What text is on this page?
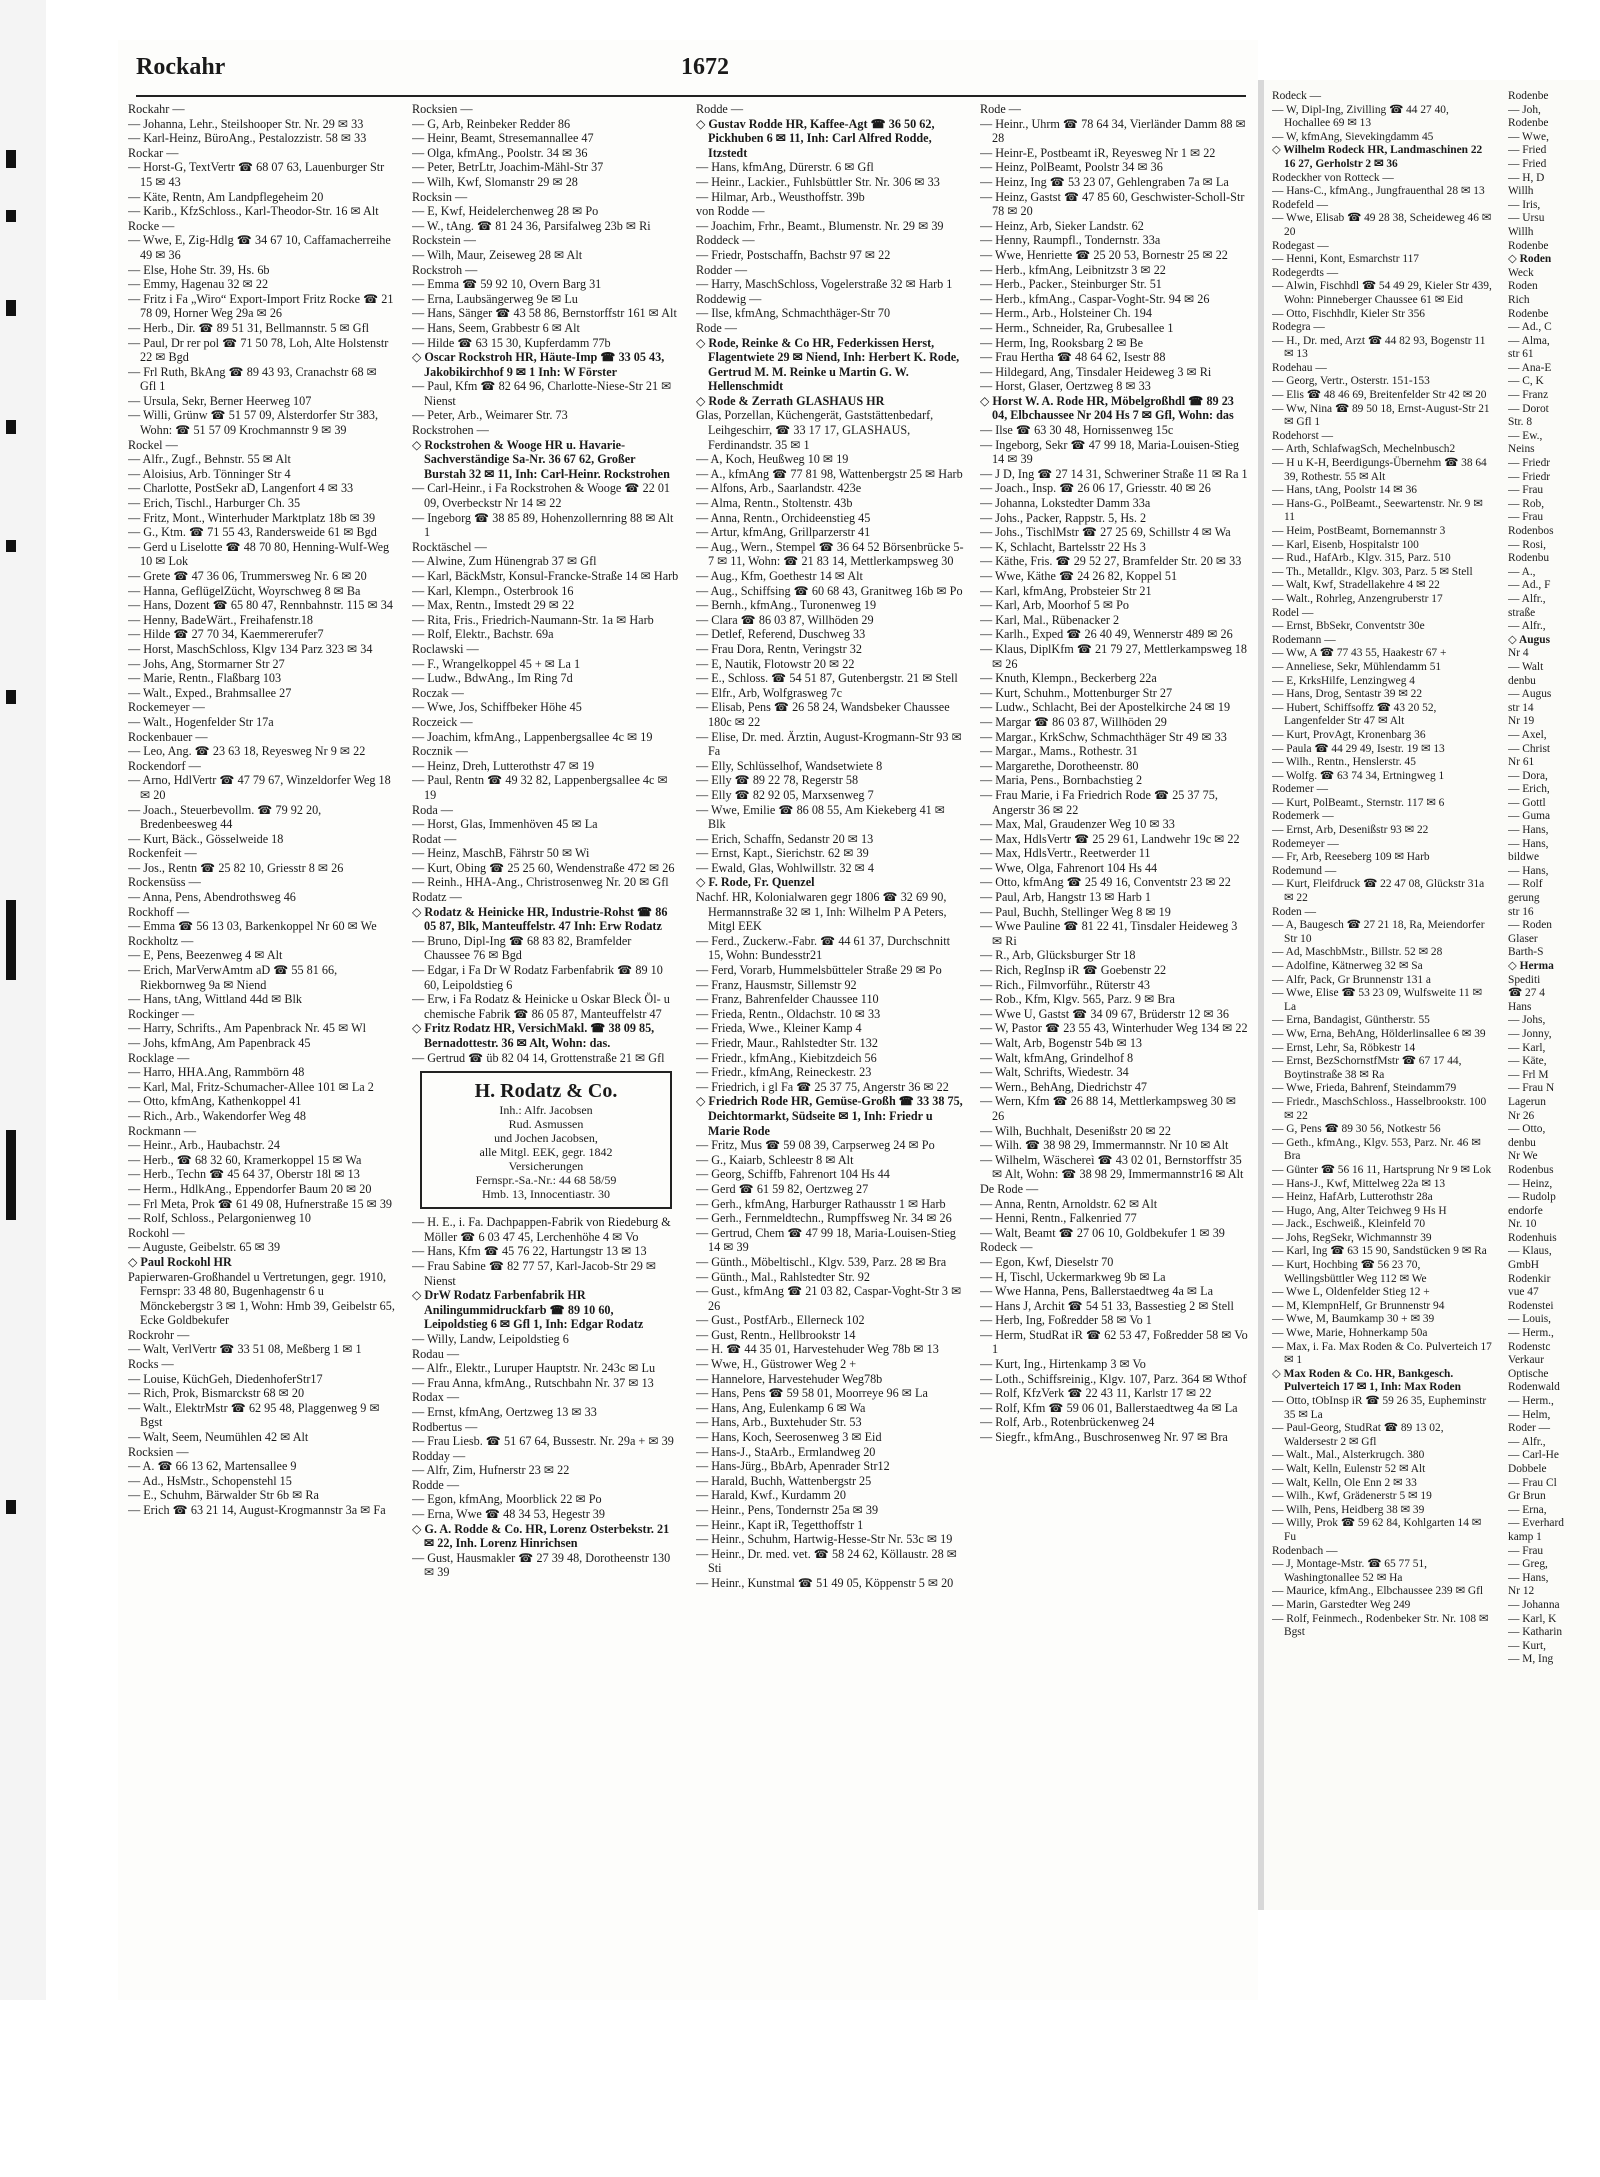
Rockahr	1672

Rockahr —

— Johanna, Lehr., Steilshooper Str. Nr. 29 ✉ 33

— Karl-Heinz, BüroAng., Pestalozzistr. 58 ✉ 33

Rockar —

— Horst-G, TextVertr ☎ 68 07 63, Lauenburger Str 15 ✉ 43

— Käte, Rentn, Am Landpflegeheim 20

— Karib., KfzSchloss., Karl-Theodor-Str. 16 ✉ Alt

Rocke —

— Wwe, E, Zig-Hdlg ☎ 34 67 10, Caffamacherreihe 49 ✉ 36

— Else, Hohe Str. 39, Hs. 6b

— Emmy, Hagenau 32 ✉ 22

— Fritz i Fa „Wiro“ Export-Import Fritz Rocke ☎ 21 78 09, Horner Weg 29a ✉ 26

— Herb., Dir. ☎ 89 51 31, Bellmannstr. 5 ✉ Gfl

— Paul, Dr rer pol ☎ 71 50 78, Loh, Alte Holstenstr 22 ✉ Bgd

— Frl Ruth, BkAng ☎ 89 43 93, Cranachstr 68 ✉ Gfl 1

— Ursula, Sekr, Berner Heerweg 107

— Willi, Grünw ☎ 51 57 09, Alsterdorfer Str 383, Wohn: ☎ 51 57 09 Krochmannstr 9 ✉ 39

Rockel —

— Alfr., Zugf., Behnstr. 55 ✉ Alt

— Aloisius, Arb. Tönninger Str 4

— Charlotte, PostSekr aD, Langenfort 4 ✉ 33

— Erich, Tischl., Harburger Ch. 35

— Fritz, Mont., Winterhuder Marktplatz 18b ✉ 39

— G., Ktm. ☎ 71 55 43, Randersweide 61 ✉ Bgd

— Gerd u Liselotte ☎ 48 70 80, Henning-Wulf-Weg 10 ✉ Lok

— Grete ☎ 47 36 06, Trummersweg Nr. 6 ✉ 20

— Hanna, GeflügelZücht, Woyrschweg 8 ✉ Ba

— Hans, Dozent ☎ 65 80 47, Rennbahnstr. 115 ✉ 34

— Henny, BadeWärt., Freihafenstr.18

— Hilde ☎ 27 70 34, Kaemmererufer7

— Horst, MaschSchloss, Klgv 134 Parz 323 ✉ 34

— Johs, Ang, Stormarner Str 27

— Marie, Rentn., Flaßbarg 103

— Walt., Exped., Brahmsallee 27

Rockemeyer —

— Walt., Hogenfelder Str 17a

Rockenbauer —

— Leo, Ang. ☎ 23 63 18, Reyesweg Nr 9 ✉ 22

Rockendorf —

— Arno, HdlVertr ☎ 47 79 67, Winzeldorfer Weg 18 ✉ 20

— Joach., Steuerbevollm. ☎ 79 92 20, Bredenbeesweg 44

— Kurt, Bäck., Gösselweide 18

Rockenfeit —

— Jos., Rentn ☎ 25 82 10, Griesstr 8 ✉ 26

Rockensüss —

— Anna, Pens, Abendrothsweg 46

Rockhoff —

— Emma ☎ 56 13 03, Barkenkoppel Nr 60 ✉ We

Rockholtz —

— E, Pens, Beezenweg 4 ✉ Alt

— Erich, MarVerwAmtm aD ☎ 55 81 66, Riekbornweg 9a ✉ Niend

— Hans, tAng, Wittland 44d ✉ Blk

Rockinger —

— Harry, Schrifts., Am Papenbrack Nr. 45 ✉ Wl

— Johs, kfmAng, Am Papenbrack 45

Rocklage —

— Harro, HHA.Ang, Rammbörn 48

— Karl, Mal, Fritz-Schumacher-Allee 101 ✉ La 2

— Otto, kfmAng, Kathenkoppel 41

— Rich., Arb., Wakendorfer Weg 48

Rockmann —

— Heinr., Arb., Haubachstr. 24

— Herb., ☎ 68 32 60, Kramerkoppel 15 ✉ Wa

— Herb., Techn ☎ 45 64 37, Oberstr 18l ✉ 13

— Herm., HdlkAng., Eppendorfer Baum 20 ✉ 20

— Frl Meta, Prok ☎ 61 49 08, Hufnerstraße 15 ✉ 39

— Rolf, Schloss., Pelargonienweg 10

Rockohl —

— Auguste, Geibelstr. 65 ✉ 39

◇ Paul Rockohl HR

Papierwaren-Großhandel u Vertretungen, gegr. 1910, Fernspr: 33 48 80, Bugenhagenstr 6 u Mönckebergstr 3 ✉ 1, Wohn: Hmb 39, Geibelstr 65, Ecke Goldbekufer

Rockrohr —

— Walt, VerlVertr ☎ 33 51 08, Meßberg 1 ✉ 1

Rocks —

— Louise, KüchGeh, DiedenhoferStr17

— Rich, Prok, Bismarckstr 68 ✉ 20

— Walt., ElektrMstr ☎ 62 95 48, Plaggenweg 9 ✉ Bgst

— Walt, Seem, Neumühlen 42 ✉ Alt

Rocksien —

— A. ☎ 66 13 62, Martensallee 9

— Ad., HsMstr., Schopenstehl 15

— E., Schuhm, Bärwalder Str 6b ✉ Ra

— Erich ☎ 63 21 14, August-Krogmannstr 3a ✉ Fa

Rocksien —

— G, Arb, Reinbeker Redder 86

— Heinr, Beamt, Stresemannallee 47

— Olga, kfmAng., Poolstr. 34 ✉ 36

— Peter, BetrLtr, Joachim-Mähl-Str 37

— Wilh, Kwf, Slomanstr 29 ✉ 28

Rocksin —

— E, Kwf, Heidelerchenweg 28 ✉ Po

— W., tAng. ☎ 81 24 36, Parsifalweg 23b ✉ Ri

Rockstein —

— Wilh, Maur, Zeiseweg 28 ✉ Alt

Rockstroh —

— Emma ☎ 59 92 10, Overn Barg 31

— Erna, Laubsängerweg 9e ✉ Lu

— Hans, Sänger ☎ 43 58 86, Bernstorffstr 161 ✉ Alt

— Hans, Seem, Grabbestr 6 ✉ Alt

— Hilde ☎ 63 15 30, Kupferdamm 77b

◇ Oscar Rockstroh HR, Häute-Imp ☎ 33 05 43, Jakobikirchhof 9 ✉ 1 Inh: W Förster

— Paul, Kfm ☎ 82 64 96, Charlotte-Niese-Str 21 ✉ Nienst

— Peter, Arb., Weimarer Str. 73

Rockstrohen —

◇ Rockstrohen & Wooge HR u. Havarie-Sachverständige Sa-Nr. 36 67 62, Großer Burstah 32 ✉ 11, Inh: Carl-Heinr. Rockstrohen

— Carl-Heinr., i Fa Rockstrohen & Wooge ☎ 22 01 09, Overbeckstr Nr 14 ✉ 22

— Ingeborg ☎ 38 85 89, Hohenzollernring 88 ✉ Alt 1

Rocktäschel —

— Alwine, Zum Hünengrab 37 ✉ Gfl

— Karl, BäckMstr, Konsul-Francke-Straße 14 ✉ Harb

— Karl, Klempn., Osterbrook 16

— Max, Rentn., Imstedt 29 ✉ 22

— Rita, Fris., Friedrich-Naumann-Str. 1a ✉ Harb

— Rolf, Elektr., Bachstr. 69a

Roclawski —

— F., Wrangelkoppel 45 + ✉ La 1

— Ludw., BdwAng., Im Ring 7d

Roczak —

— Wwe, Jos, Schiffbeker Höhe 45

Roczeick —

— Joachim, kfmAng., Lappenbergsallee 4c ✉ 19

Rocznik —

— Heinz, Dreh, Lutterothstr 47 ✉ 19

— Paul, Rentn ☎ 49 32 82, Lappenbergsallee 4c ✉ 19

Roda —

— Horst, Glas, Immenhöven 45 ✉ La

Rodat —

— Heinz, MaschB, Fährstr 50 ✉ Wi

— Kurt, Obing ☎ 25 25 60, Wendenstraße 472 ✉ 26

— Reinh., HHA-Ang., Christrosenweg Nr. 20 ✉ Gfl

Rodatz —

◇ Rodatz & Heinicke HR, Industrie-Rohst ☎ 86 05 87, Blk, Manteuffelstr. 47 Inh: Erw Rodatz

— Bruno, Dipl-Ing ☎ 68 83 82, Bramfelder Chaussee 76 ✉ Bgd

— Edgar, i Fa Dr W Rodatz Farbenfabrik ☎ 89 10 60, Leipoldstieg 6

— Erw, i Fa Rodatz & Heinicke u Oskar Bleck Öl- u chemische Fabrik ☎ 86 05 87, Manteuffelstr 47

◇ Fritz Rodatz HR, VersichMakl. ☎ 38 09 85, Bernadottestr. 36 ✉ Alt, Wohn: das.

— Gertrud ☎ üb 82 04 14, Grottenstraße 21 ✉ Gfl

H. Rodatz & Co.
Inh.: Alfr. Jacobsen
Rud. Asmussen
und Jochen Jacobsen,
alle Mitgl. EEK, gegr. 1842
Versicherungen
Fernspr.-Sa.-Nr.: 44 68 58/59
Hmb. 13, Innocentiastr. 30

— H. E., i. Fa. Dachpappen-Fabrik von Riedeburg & Möller ☎ 6 03 47 45, Lerchenhöhe 4 ✉ Vo

— Hans, Kfm ☎ 45 76 22, Hartungstr 13 ✉ 13

— Frau Sabine ☎ 82 77 57, Karl-Jacob-Str 29 ✉ Nienst

◇ DrW Rodatz Farbenfabrik HR Anilingummidruckfarb ☎ 89 10 60, Leipoldstieg 6 ✉ Gfl 1, Inh: Edgar Rodatz

— Willy, Landw, Leipoldstieg 6

Rodau —

— Alfr., Elektr., Luruper Hauptstr. Nr. 243c ✉ Lu

— Frau Anna, kfmAng., Rutschbahn Nr. 37 ✉ 13

Rodax —

— Ernst, kfmAng, Oertzweg 13 ✉ 33

Rodbertus —

— Frau Liesb. ☎ 51 67 64, Bussestr. Nr. 29a + ✉ 39

Rodday —

— Alfr, Zim, Hufnerstr 23 ✉ 22

Rodde —

— Egon, kfmAng, Moorblick 22 ✉ Po

— Erna, Wwe ☎ 48 34 53, Hegestr 39

◇ G. A. Rodde & Co. HR, Lorenz Osterbekstr. 21 ✉ 22, Inh. Lorenz Hinrichsen

— Gust, Hausmakler ☎ 27 39 48, Dorotheenstr 130 ✉ 39

Rodde —

◇ Gustav Rodde HR, Kaffee-Agt ☎ 36 50 62, Pickhuben 6 ✉ 11, Inh: Carl Alfred Rodde, Itzstedt

— Hans, kfmAng, Dürerstr. 6 ✉ Gfl

— Heinr., Lackier., Fuhlsbüttler Str. Nr. 306 ✉ 33

— Hilmar, Arb., Weusthoffstr. 39b

von Rodde —

— Joachim, Frhr., Beamt., Blumenstr. Nr. 29 ✉ 39

Roddeck —

— Friedr, Postschaffn, Bachstr 97 ✉ 22

Rodder —

— Harry, MaschSchloss, Vogelerstraße 32 ✉ Harb 1

Roddewig —

— Ilse, kfmAng, Schmachthäger-Str 70

Rode —

◇ Rode, Reinke & Co HR, Federkissen Herst, Flagentwiete 29 ✉ Niend, Inh: Herbert K. Rode, Gertrud M. M. Reinke u Martin G. W. Hellenschmidt

◇ Rode & Zerrath GLASHAUS HR

Glas, Porzellan, Küchengerät, Gaststättenbedarf, Leihgeschirr, ☎ 33 17 17, GLASHAUS, Ferdinandstr. 35 ✉ 1

— A, Koch, Heußweg 10 ✉ 19

— A., kfmAng ☎ 77 81 98, Wattenbergstr 25 ✉ Harb

— Alfons, Arb., Saarlandstr. 423e

— Alma, Rentn., Stoltenstr. 43b

— Anna, Rentn., Orchideenstieg 45

— Artur, kfmAng, Grillparzerstr 41

— Aug., Wern., Stempel ☎ 36 64 52 Börsenbrücke 5-7 ✉ 11, Wohn: ☎ 21 83 14, Mettlerkampsweg 30

— Aug., Kfm, Goethestr 14 ✉ Alt

— Aug., Schiffsing ☎ 60 68 43, Granitweg 16b ✉ Po

— Bernh., kfmAng., Turonenweg 19

— Clara ☎ 86 03 87, Willhöden 29

— Detlef, Referend, Duschweg 33

— Frau Dora, Rentn, Veringstr 32

— E, Nautik, Flotowstr 20 ✉ 22

— E., Schloss. ☎ 54 51 87, Gutenbergstr. 21 ✉ Stell

— Elfr., Arb, Wolfgrasweg 7c

— Elisab, Pens ☎ 26 58 24, Wandsbeker Chaussee 180c ✉ 22

— Elise, Dr. med. Ärztin, August-Krogmann-Str 93 ✉ Fa

— Elly, Schlüsselhof, Wandsetwiete 8

— Elly ☎ 89 22 78, Regerstr 58

— Elly ☎ 82 92 05, Marxsenweg 7

— Wwe, Emilie ☎ 86 08 55, Am Kiekeberg 41 ✉ Blk

— Erich, Schaffn, Sedanstr 20 ✉ 13

— Ernst, Kapt., Sierichstr. 62 ✉ 39

— Ewald, Glas, Wohlwillstr. 32 ✉ 4

◇ F. Rode, Fr. Quenzel

Nachf. HR, Kolonialwaren gegr 1806 ☎ 32 69 90, Hermannstraße 32 ✉ 1, Inh: Wilhelm P A Peters, Mitgl EEK

— Ferd., Zuckerw.-Fabr. ☎ 44 61 37, Durchschnitt 15, Wohn: Bundesstr21

— Ferd, Vorarb, Hummelsbütteler Straße 29 ✉ Po

— Franz, Hausmstr, Sillemstr 92

— Franz, Bahrenfelder Chaussee 110

— Frieda, Rentn., Oldachstr. 10 ✉ 33

— Frieda, Wwe., Kleiner Kamp 4

— Friedr, Maur., Rahlstedter Str. 132

— Friedr., kfmAng., Kiebitzdeich 56

— Friedr., kfmAng, Reineckestr. 23

— Friedrich, i gl Fa ☎ 25 37 75, Angerstr 36 ✉ 22

◇ Friedrich Rode HR, Gemüse-Großh ☎ 33 38 75, Deichtormarkt, Südseite ✉ 1, Inh: Friedr u Marie Rode

— Fritz, Mus ☎ 59 08 39, Carpserweg 24 ✉ Po

— G., Kaiarb, Schleestr 8 ✉ Alt

— Georg, Schiffb, Fahrenort 104 Hs 44

— Gerd ☎ 61 59 82, Oertzweg 27

— Gerh., kfmAng, Harburger Rathausstr 1 ✉ Harb

— Gerh., Fernmeldtechn., Rumpffsweg Nr. 34 ✉ 26

— Gertrud, Chem ☎ 47 99 18, Maria-Louisen-Stieg 14 ✉ 39

— Günth., Möbeltischl., Klgv. 539, Parz. 28 ✉ Bra

— Günth., Mal., Rahlstedter Str. 92

— Gust., kfmAng ☎ 21 03 82, Caspar-Voght-Str 3 ✉ 26

— Gust., PostfArb., Ellerneck 102

— Gust, Rentn., Hellbrookstr 14

— H. ☎ 44 35 01, Harvestehuder Weg 78b ✉ 13

— Wwe, H., Güstrower Weg 2 +

— Hannelore, Harvestehuder Weg78b

— Hans, Pens ☎ 59 58 01, Moorreye 96 ✉ La

— Hans, Ang, Eulenkamp 6 ✉ Wa

— Hans, Arb., Buxtehuder Str. 53

— Hans, Koch, Seerosenweg 3 ✉ Eid

— Hans-J., StaArb., Ermlandweg 20

— Hans-Jürg., BbArb, Apenrader Str12

— Harald, Buchh, Wattenbergstr 25

— Harald, Kwf., Kurdamm 20

— Heinr., Pens, Tondernstr 25a ✉ 39

— Heinr., Kapt iR, Tegetthoffstr 1

— Heinr., Schuhm, Hartwig-Hesse-Str Nr. 53c ✉ 19

— Heinr., Dr. med. vet. ☎ 58 24 62, Köllaustr. 28 ✉ Sti

— Heinr., Kunstmal ☎ 51 49 05, Köppenstr 5 ✉ 20

Rode —

— Heinr., Uhrm ☎ 78 64 34, Vierländer Damm 88 ✉ 28

— Heinr-E, Postbeamt iR, Reyesweg Nr 1 ✉ 22

— Heinz, PolBeamt, Poolstr 34 ✉ 36

— Heinz, Ing ☎ 53 23 07, Gehlengraben 7a ✉ La

— Heinz, Gastst ☎ 47 85 60, Geschwister-Scholl-Str 78 ✉ 20

— Heinz, Arb, Sieker Landstr. 62

— Henny, Raumpfl., Tondernstr. 33a

— Wwe, Henriette ☎ 25 20 53, Bornestr 25 ✉ 22

— Herb., kfmAng, Leibnitzstr 3 ✉ 22

— Herb., Packer., Steinburger Str. 51

— Herb., kfmAng., Caspar-Voght-Str. 94 ✉ 26

— Herm., Arb., Holsteiner Ch. 194

— Herm., Schneider, Ra, Grubesallee 1

— Herm, Ing, Rooksbarg 2 ✉ Be

— Frau Hertha ☎ 48 64 62, Isestr 88

— Hildegard, Ang, Tinsdaler Heideweg 3 ✉ Ri

— Horst, Glaser, Oertzweg 8 ✉ 33

◇ Horst W. A. Rode HR, Möbelgroßhdl ☎ 89 23 04, Elbchaussee Nr 204 Hs 7 ✉ Gfl, Wohn: das

— Ilse ☎ 63 30 48, Hornissenweg 15c

— Ingeborg, Sekr ☎ 47 99 18, Maria-Louisen-Stieg 14 ✉ 39

— J D, Ing ☎ 27 14 31, Schweriner Straße 11 ✉ Ra 1

— Joach., Insp. ☎ 26 06 17, Griesstr. 40 ✉ 26

— Johanna, Lokstedter Damm 33a

— Johs., Packer, Rappstr. 5, Hs. 2

— Johs., TischlMstr ☎ 27 25 69, Schillstr 4 ✉ Wa

— K, Schlacht, Bartelsstr 22 Hs 3

— Käthe, Fris. ☎ 29 52 27, Bramfelder Str. 20 ✉ 33

— Wwe, Käthe ☎ 24 26 82, Koppel 51

— Karl, kfmAng, Probsteier Str 21

— Karl, Arb, Moorhof 5 ✉ Po

— Karl, Mal., Rübenacker 2

— Karlh., Exped ☎ 26 40 49, Wennerstr 489 ✉ 26

— Klaus, DiplKfm ☎ 21 79 27, Mettlerkampsweg 18 ✉ 26

— Knuth, Klempn., Beckerberg 22a

— Kurt, Schuhm., Mottenburger Str 27

— Ludw., Schlacht, Bei der Apostelkirche 24 ✉ 19

— Margar ☎ 86 03 87, Willhöden 29

— Margar., KrkSchw, Schmachthäger Str 49 ✉ 33

— Margar., Mams., Rothestr. 31

— Margarethe, Dorotheenstr. 80

— Maria, Pens., Bornbachstieg 2

— Frau Marie, i Fa Friedrich Rode ☎ 25 37 75, Angerstr 36 ✉ 22

— Max, Mal, Graudenzer Weg 10 ✉ 33

— Max, HdlsVertr ☎ 25 29 61, Landwehr 19c ✉ 22

— Max, HdlsVertr., Reetwerder 11

— Wwe, Olga, Fahrenort 104 Hs 44

— Otto, kfmAng ☎ 25 49 16, Conventstr 23 ✉ 22

— Paul, Arb, Hangstr 13 ✉ Harb 1

— Paul, Buchh, Stellinger Weg 8 ✉ 19

— Wwe Pauline ☎ 81 22 41, Tinsdaler Heideweg 3 ✉ Ri

— R., Arb, Glücksburger Str 18

— Rich, RegInsp iR ☎ Goebenstr 22

— Rich., Filmvorführ., Rüterstr 43

— Rob., Kfm, Klgv. 565, Parz. 9 ✉ Bra

— Wwe U, Gastst ☎ 34 09 67, Brüderstr 12 ✉ 36

— W, Pastor ☎ 23 55 43, Winterhuder Weg 134 ✉ 22

— Walt, Arb, Bogenstr 54b ✉ 13

— Walt, kfmAng, Grindelhof 8

— Walt, Schrifts, Wiedestr. 34

— Wern., BehAng, Diedrichstr 47

— Wern, Kfm ☎ 26 88 14, Mettlerkampsweg 30 ✉ 26

— Wilh, Buchhalt, Desenißstr 20 ✉ 22

— Wilh. ☎ 38 98 29, Immermannstr. Nr 10 ✉ Alt

— Wilhelm, Wäschereì ☎ 43 02 01, Bernstorffstr 35 ✉ Alt, Wohn: ☎ 38 98 29, Immermannstr16 ✉ Alt

De Rode —

— Anna, Rentn, Arnoldstr. 62 ✉ Alt

— Henni, Rentn., Falkenried 77

— Walt, Beamt ☎ 27 06 10, Goldbekufer 1 ✉ 39

Rodeck —

— Egon, Kwf, Dieselstr 70

— H, Tischl, Uckermarkweg 9b ✉ La

— Wwe Hanna, Pens, Ballerstaedtweg 4a ✉ La

— Hans J, Archit ☎ 54 51 33, Bassestieg 2 ✉ Stell

— Herb, Ing, Foßredder 58 ✉ Vo 1

— Herm, StudRat iR ☎ 62 53 47, Foßredder 58 ✉ Vo 1

— Kurt, Ing., Hirtenkamp 3 ✉ Vo

— Loth., Schiffsreinig., Klgv. 107, Parz. 364 ✉ Wthof

— Rolf, KfzVerk ☎ 22 43 11, Karlstr 17 ✉ 22

— Rolf, Kfm ☎ 59 06 01, Ballerstaedtweg 4a ✉ La

— Rolf, Arb., Rotenbrückenweg 24

— Siegfr., kfmAng., Buschrosenweg Nr. 97 ✉ Bra

Rodeck —

— W, Dipl-Ing, Zivilling ☎ 44 27 40, Hochallee 69 ✉ 13

— W, kfmAng, Sievekingdamm 45

◇ Wilhelm Rodeck HR, Landmaschinen 22 16 27, Gerholstr 2 ✉ 36

Rodeckher von Rotteck —

— Hans-C., kfmAng., Jungfrauenthal 28 ✉ 13

Rodefeld —

— Wwe, Elisab ☎ 49 28 38, Scheideweg 46 ✉ 20

Rodegast —

— Henni, Kont, Esmarchstr 117

Rodegerdts —

— Alwin, Fischhdl ☎ 54 49 29, Kieler Str 439, Wohn: Pinneberger Chaussee 61 ✉ Eid

— Otto, Fischhdlr, Kieler Str 356

Rodegra —

— H., Dr. med, Arzt ☎ 44 82 93, Bogenstr 11 ✉ 13

Rodehau —

— Georg, Vertr., Osterstr. 151-153

— Elis ☎ 48 46 69, Breitenfelder Str 42 ✉ 20

— Ww, Nina ☎ 89 50 18, Ernst-August-Str 21 ✉ Gfl 1

Rodehorst —

— Arth, SchlafwagSch, Mechelnbusch2

— H u K-H, Beerdigungs-Übernehm ☎ 38 64 39, Rothestr. 55 ✉ Alt

— Hans, tAng, Poolstr 14 ✉ 36

— Hans-G., PolBeamt., Seewartenstr. Nr. 9 ✉ 11

— Heim, PostBeamt, Bornemannstr 3

— Karl, Eisenb, Hospitalstr 100

— Rud., HafArb., Klgv. 315, Parz. 510

— Th., Metalldr., Klgv. 303, Parz. 5 ✉ Stell

— Walt, Kwf, Stradellakehre 4 ✉ 22

— Walt., Rohrleg, Anzengruberstr 17

Rodel —

— Ernst, BbSekr, Conventstr 30e

Rodemann —

— Ww, A ☎ 77 43 55, Haakestr 67 +

— Anneliese, Sekr, Mühlendamm 51

— E, KrksHilfe, Lenzingweg 4

— Hans, Drog, Sentastr 39 ✉ 22

— Hubert, Schiffsoffz ☎ 43 20 52, Langenfelder Str 47 ✉ Alt

— Kurt, ProvAgt, Kronenbarg 36

— Paula ☎ 44 29 49, Isestr. 19 ✉ 13

— Wilh., Rentn., Henslerstr. 45

— Wolfg. ☎ 63 74 34, Ertningweg 1

Rodemer —

— Kurt, PolBeamt., Sternstr. 117 ✉ 6

Rodemerk —

— Ernst, Arb, Desenißstr 93 ✉ 22

Rodemeyer —

— Fr, Arb, Reeseberg 109 ✉ Harb

Rodemund —

— Kurt, Fleifdruck ☎ 22 47 08, Glückstr 31a ✉ 22

Roden —

— A, Baugesch ☎ 27 21 18, Ra, Meiendorfer Str 10

— Ad, MaschbMstr., Billstr. 52 ✉ 28

— Adolfine, Kätnerweg 32 ✉ Sa

— Alfr, Pack, Gr Brunnenstr 131 a

— Wwe, Elise ☎ 53 23 09, Wulfsweite 11 ✉ La

— Erna, Bandagist, Güntherstr. 55

— Ww, Erna, BehAng, Hölderlinsallee 6 ✉ 39

— Ernst, Lehr, Sa, Röbkestr 14

— Ernst, BezSchornstfMstr ☎ 67 17 44, Boytinstraße 38 ✉ Ra

— Wwe, Frieda, Bahrenf, Steindamm79

— Friedr., MaschSchloss., Hasselbrookstr. 100 ✉ 22

— G, Pens ☎ 89 30 56, Notkestr 56

— Geth., kfmAng., Klgv. 553, Parz. Nr. 46 ✉ Bra

— Günter ☎ 56 16 11, Hartsprung Nr 9 ✉ Lok

— Hans-J., Kwf, Mittelweg 22a ✉ 13

— Heinz, HafArb, Lutterothstr 28a

— Hugo, Ang, Alter Teichweg 9 Hs H

— Jack., Eschweiß., Kleinfeld 70

— Johs, RegSekr, Wichmannstr 39

— Karl, Ing ☎ 63 15 90, Sandstücken 9 ✉ Ra

— Kurt, Hochbing ☎ 56 23 70, Wellingsbüttler Weg 112 ✉ We

— Wwe L, Oldenfelder Stieg 12 +

— M, KlempnHelf, Gr Brunnenstr 94

— Wwe, M, Baumkamp 30 + ✉ 39

— Wwe, Marie, Hohnerkamp 50a

— Max, i. Fa. Max Roden & Co. Pulverteich 17 ✉ 1

◇ Max Roden & Co. HR, Bankgesch. Pulverteich 17 ✉ 1, Inh: Max Roden

— Otto, tObInsp iR ☎ 59 26 35, Eupheminstr 35 ✉ La

— Paul-Georg, StudRat ☎ 89 13 02, Waldersestr 2 ✉ Gfl

— Walt., Mal., Alsterkrugch. 380

— Walt, Kelln, Eulenstr 52 ✉ Alt

— Walt, Kelln, Ole Enn 2 ✉ 33

— Wilh., Kwf, Grädenerstr 5 ✉ 19

— Wilh, Pens, Heidberg 38 ✉ 39

— Willy, Prok ☎ 59 62 84, Kohlgarten 14 ✉ Fu

Rodenbach —

— J, Montage-Mstr. ☎ 65 77 51, Washingtonallee 52 ✉ Ha

— Maurice, kfmAng., Elbchaussee 239 ✉ Gfl

— Marin, Garstedter Weg 249

— Rolf, Feinmech., Rodenbeker Str. Nr. 108 ✉ Bgst

Rodenbe

— Joh,

Rodenbe

— Wwe,

— Fried

— Fried

— H, D

Willh

— Iris,

— Ursu

Willh

Rodenbe

◇ Roden

Weck

Roden

Rich

Rodenbe

— Ad., C

— Alma,

str 61

— Ana-E

— C, K

— Franz

— Dorot

Str. 8

— Ew.,

Neins

— Friedr

— Friedr

— Frau

— Rob,

— Frau

Rodenbos

— Rosi,

Rodenbu

— A.,

— Ad., F

— Alfr.,

straße

— Alfr.,

◇ Augus

Nr 4

— Walt

denbu

— Augus

str 14

Nr 19

— Axel,

— Christ

Nr 61

— Dora,

— Erich,

— Gottl

— Guma

— Hans,

— Hans,

bildwe

— Hans,

— Rolf

gerung

str 16

— Roden

Glaser

Barth-S

◇ Herma

Spediti

☎ 27 4

Hans

— Johs,

— Jonny,

— Karl,

— Käte,

— Frl M

— Frau N

Lagerun

Nr 26

— Otto,

denbu

Nr We

Rodenbus

— Heinz,

— Rudolp

endorfe

Nr. 10

Rodenhuis

— Klaus,

GmbH

Rodenkir

vue 47

Rodenstei

— Louis,

— Herm.,

Rodenstc

Verkaur

Optische

Rodenwald

— Herm.,

— Helm,

Roder —

— Alfr.,

— Carl-He

Dobbele

— Frau Cl

Gr Brun

— Erna,

— Everhard

kamp 1

— Frau

— Greg,

— Hans,

Nr 12

— Johanna

— Karl, K

— Katharin

— Kurt,

— M, Ing
